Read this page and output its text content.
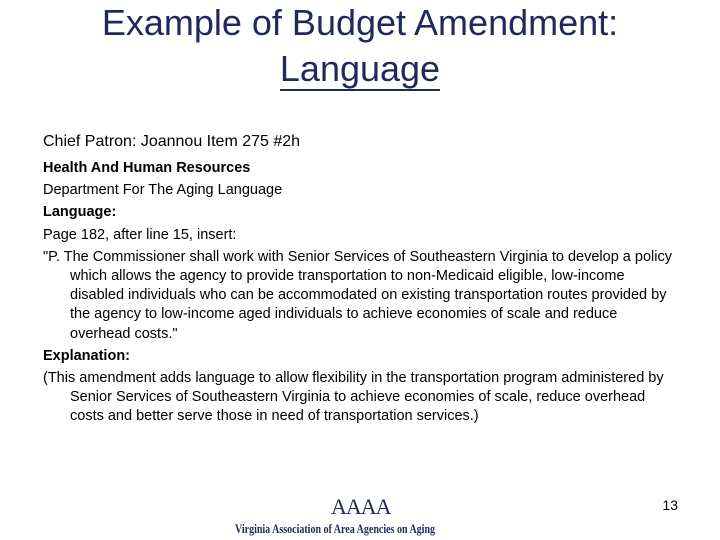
Example of Budget Amendment:
Language

Chief Patron: Joannou Item 275 #2h

Health And Human Resources

Department For The Aging Language

Language:

Page 182, after line 15, insert:

"P. The Commissioner shall work with Senior Services of Southeastern Virginia to develop a policy which allows the agency to provide transportation to non-Medicaid eligible, low-income disabled individuals who can be accommodated on existing transportation routes provided by the agency to low-income aged individuals to achieve economies of scale and reduce overhead costs."

Explanation:

(This amendment adds language to allow flexibility in the transportation program administered by Senior Services of Southeastern Virginia to achieve economies of scale, reduce overhead costs and better serve those in need of transportation services.)

13
AAAA
Virginia Association of Area Agencies on Aging
